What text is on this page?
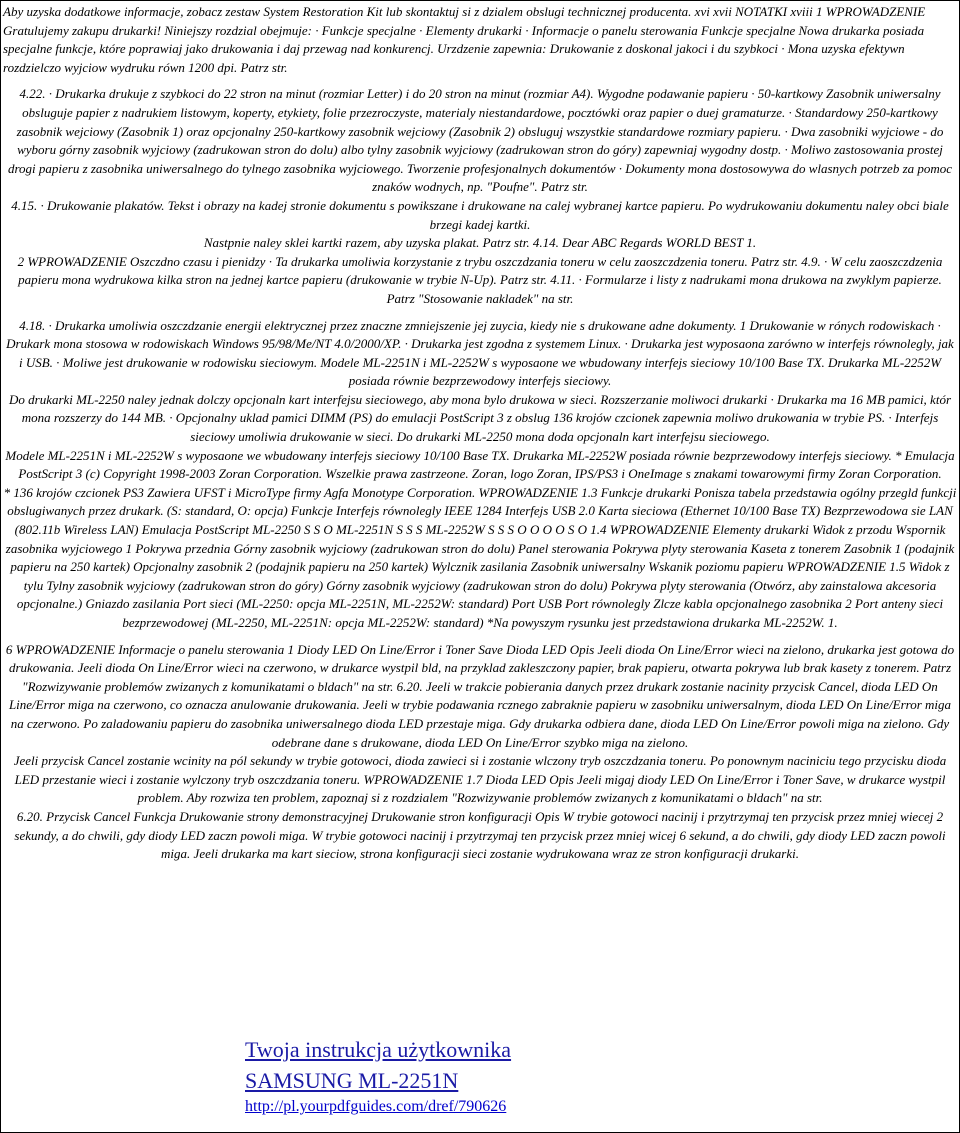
Aby uzyska dodatkowe informacje, zobacz zestaw System Restoration Kit lub skontaktuj si z dzialem obslugi technicznej producenta. xvi xvii NOTATKI xviii 1 WPROWADZENIE Gratulujemy zakupu drukarki! Niniejszy rozdzial obejmuje: · Funkcje specjalne · Elementy drukarki · Informacje o panelu sterowania Funkcje specjalne Nowa drukarka posiada specjalne funkcje, które poprawiaj jako drukowania i daj przewag nad konkurencj. Urzdzenie zapewnia: Drukowanie z doskonal jakoci i du szybkoci · Mona uzyska efektywn rozdzielczo wyjciow wydruku równ 1200 dpi. Patrz str.

4.22. · Drukarka drukuje z szybkoci do 22 stron na minut (rozmiar Letter) i do 20 stron na minut (rozmiar A4). Wygodne podawanie papieru · 50-kartkowy Zasobnik uniwersalny obsluguje papier z nadrukiem listowym, koperty, etykiety, folie przezroczyste, materialy niestandardowe, pocztówki oraz papier o duej gramaturze. · Standardowy 250-kartkowy zasobnik wejciowy (Zasobnik 1) oraz opcjonalny 250-kartkowy zasobnik wejciowy (Zasobnik 2) obsluguj wszystkie standardowe rozmiary papieru. · Dwa zasobniki wyjciowe - do wyboru górny zasobnik wyjciowy (zadrukowan stron do dolu) albo tylny zasobnik wyjciowy (zadrukowan stron do góry) zapewniaj wygodny dostp. · Moliwo zastosowania prostej drogi papieru z zasobnika uniwersalnego do tylnego zasobnika wyjciowego. Tworzenie profesjonalnych dokumentów · Dokumenty mona dostosowywa do wlasnych potrzeb za pomoc znaków wodnych, np. "Poufne". Patrz str.

4.15. · Drukowanie plakatów. Tekst i obrazy na kadej stronie dokumentu s powikszane i drukowane na calej wybranej kartce papieru. Po wydrukowaniu dokumentu naley obci biale brzegi kadej kartki.

Nastpnie naley sklei kartki razem, aby uzyska plakat. Patrz str. 4.14. Dear ABC Regards WORLD BEST 1.

2 WPROWADZENIE Oszczdno czasu i pienidzy · Ta drukarka umoliwia korzystanie z trybu oszczdzania toneru w celu zaoszczdzenia toneru. Patrz str. 4.9. · W celu zaoszczdzenia papieru mona wydrukowa kilka stron na jednej kartce papieru (drukowanie w trybie N-Up). Patrz str. 4.11. · Formularze i listy z nadrukami mona drukowa na zwyklym papierze. Patrz "Stosowanie nakladek" na str.

4.18. · Drukarka umoliwia oszczdzanie energii elektrycznej przez znaczne zmniejszenie jej zuycia, kiedy nie s drukowane adne dokumenty. 1 Drukowanie w rónych rodowiskach · Drukark mona stosowa w rodowiskach Windows 95/98/Me/NT 4.0/2000/XP. · Drukarka jest zgodna z systemem Linux. · Drukarka jest wyposaona zarówno w interfejs równolegly, jak i USB. · Moliwe jest drukowanie w rodowisku sieciowym. Modele ML-2251N i ML-2252W s wyposaone we wbudowany interfejs sieciowy 10/100 Base TX. Drukarka ML-2252W posiada równie bezprzewodowy interfejs sieciowy.

Do drukarki ML-2250 naley jednak dolczy opcjonaln kart interfejsu sieciowego, aby mona bylo drukowa w sieci. Rozszerzanie moliwoci drukarki · Drukarka ma 16 MB pamici, któr mona rozszerzy do 144 MB. · Opcjonalny uklad pamici DIMM (PS) do emulacji PostScript 3 z obslug 136 krojów czcionek zapewnia moliwo drukowania w trybie PS. · Interfejs sieciowy umoliwia drukowanie w sieci. Do drukarki ML-2250 mona doda opcjonaln kart interfejsu sieciowego.

Modele ML-2251N i ML-2252W s wyposaone we wbudowany interfejs sieciowy 10/100 Base TX. Drukarka ML-2252W posiada równie bezprzewodowy interfejs sieciowy. * Emulacja PostScript 3 (c) Copyright 1998-2003 Zoran Corporation. Wszelkie prawa zastrzeone. Zoran, logo Zoran, IPS/PS3 i OneImage s znakami towarowymi firmy Zoran Corporation.

* 136 krojów czcionek PS3 Zawiera UFST i MicroType firmy Agfa Monotype Corporation. WPROWADZENIE 1.3 Funkcje drukarki Ponisza tabela przedstawia ogólny przegld funkcji obslugiwanych przez drukark. (S: standard, O: opcja) Funkcje Interfejs równolegly IEEE 1284 Interfejs USB 2.0 Karta sieciowa (Ethernet 10/100 Base TX) Bezprzewodowa sie LAN (802.11b Wireless LAN) Emulacja PostScript ML-2250 S S O ML-2251N S S S ML-2252W S S S O O O O S O 1.4 WPROWADZENIE Elementy drukarki Widok z przodu Wspornik zasobnika wyjciowego 1 Pokrywa przednia Górny zasobnik wyjciowy (zadrukowan stron do dolu) Panel sterowania Pokrywa plyty sterowania Kaseta z tonerem Zasobnik 1 (podajnik papieru na 250 kartek) Opcjonalny zasobnik 2 (podajnik papieru na 250 kartek) Wylcznik zasilania Zasobnik uniwersalny Wskanik poziomu papieru WPROWADZENIE 1.5 Widok z tylu Tylny zasobnik wyjciowy (zadrukowan stron do góry) Górny zasobnik wyjciowy (zadrukowan stron do dolu) Pokrywa plyty sterowania (Otwórz, aby zainstalowa akcesoria opcjonalne.) Gniazdo zasilania Port sieci (ML-2250: opcja ML-2251N, ML-2252W: standard) Port USB Port równolegly Zlcze kabla opcjonalnego zasobnika 2 Port anteny sieci bezprzewodowej (ML-2250, ML-2251N: opcja ML-2252W: standard) *Na powyszym rysunku jest przedstawiona drukarka ML-2252W. 1.

6 WPROWADZENIE Informacje o panelu sterowania 1 Diody LED On Line/Error i Toner Save Dioda LED Opis Jeeli dioda On Line/Error wieci na zielono, drukarka jest gotowa do drukowania. Jeeli dioda On Line/Error wieci na czerwono, w drukarce wystpil bld, na przyklad zakleszczony papier, brak papieru, otwarta pokrywa lub brak kasety z tonerem. Patrz "Rozwizywanie problemów zwizanych z komunikatami o bldach" na str. 6.20. Jeeli w trakcie pobierania danych przez drukark zostanie nacinity przycisk Cancel, dioda LED On Line/Error miga na czerwono, co oznacza anulowanie drukowania. Jeeli w trybie podawania rcznego zabraknie papieru w zasobniku uniwersalnym, dioda LED On Line/Error miga na czerwono. Po zaladowaniu papieru do zasobnika uniwersalnego dioda LED przestaje miga. Gdy drukarka odbiera dane, dioda LED On Line/Error powoli miga na zielono. Gdy odebrane dane s drukowane, dioda LED On Line/Error szybko miga na zielono.

Jeeli przycisk Cancel zostanie wcinity na pól sekundy w trybie gotowoci, dioda zawieci si i zostanie wlczony tryb oszczdzania toneru. Po ponownym naciniciu tego przycisku dioda LED przestanie wieci i zostanie wylczony tryb oszczdzania toneru. WPROWADZENIE 1.7 Dioda LED Opis Jeeli migaj diody LED On Line/Error i Toner Save, w drukarce wystpil problem. Aby rozwiza ten problem, zapoznaj si z rozdzialem "Rozwizywanie problemów zwizanych z komunikatami o bldach" na str.

6.20. Przycisk Cancel Funkcja Drukowanie strony demonstracyjnej Drukowanie stron konfiguracji Opis W trybie gotowoci nacinij i przytrzymaj ten przycisk przez mniej wiecej 2 sekundy, a do chwili, gdy diody LED zaczn powoli miga. W trybie gotowoci nacinij i przytrzymaj ten przycisk przez mniej wicej 6 sekund, a do chwili, gdy diody LED zaczn powoli miga. Jeeli drukarka ma kart sieciow, strona konfiguracji sieci zostanie wydrukowana wraz ze stron konfiguracji drukarki.

Twoja instrukcja użytkownika
SAMSUNG ML-2251N
http://pl.yourpdfguides.com/dref/790626
